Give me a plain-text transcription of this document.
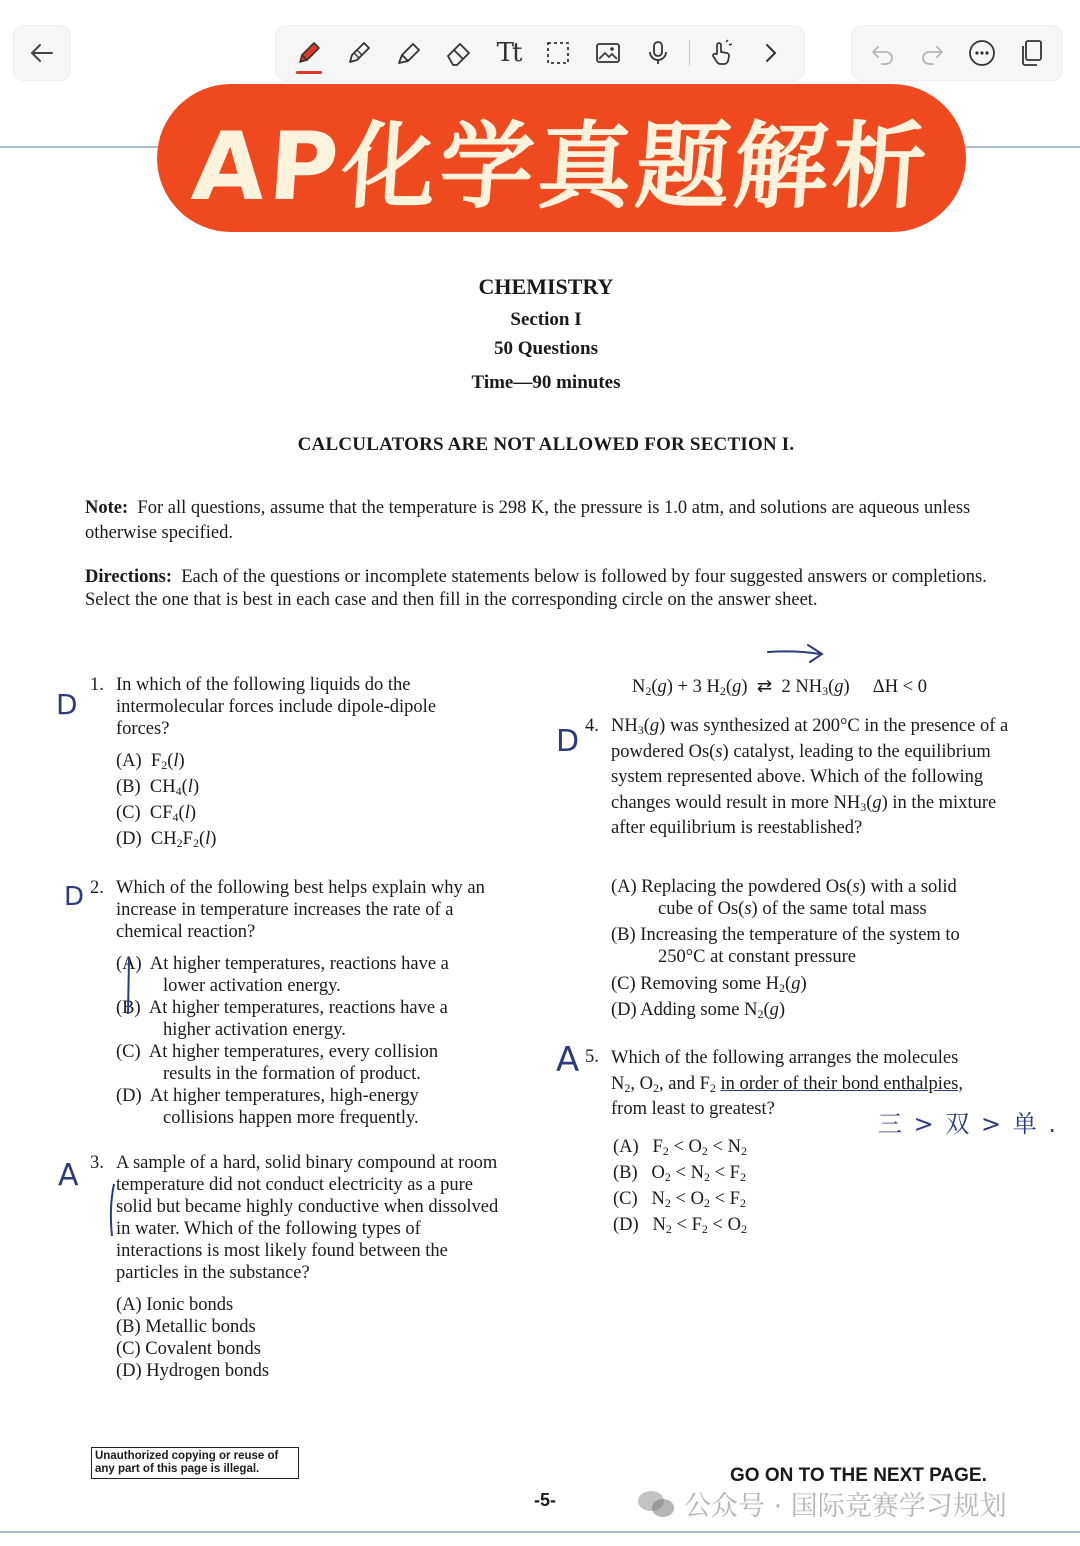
Tt
AP化学真题解析
CHEMISTRY
Section I
50 Questions
Time—90 minutes
CALCULATORS ARE NOT ALLOWED FOR SECTION I.
Note: For all questions, assume that the temperature is 298 K, the pressure is 1.0 atm, and solutions are aqueous unless otherwise specified.
Directions: Each of the questions or incomplete statements below is followed by four suggested answers or completions. Select the one that is best in each case and then fill in the corresponding circle on the answer sheet.
1. In which of the following liquids do the intermolecular forces include dipole-dipole forces?
(A)  $F_2(l)$
(B)  $CH_4(l)$
(C)  $CF_4(l)$
(D)  $CH_2F_2(l)$
2. Which of the following best helps explain why an increase in temperature increases the rate of a chemical reaction?
(A) At higher temperatures, reactions have a
lower activation energy.
(B) At higher temperatures, reactions have a
higher activation energy.
(C) At higher temperatures, every collision
results in the formation of product.
(D) At higher temperatures, high-energy
collisions happen more frequently.
3. A sample of a hard, solid binary compound at room temperature did not conduct electricity as a pure solid but became highly conductive when dissolved in water. Which of the following types of interactions is most likely found between the particles in the substance?
(A) Ionic bonds
(B) Metallic bonds
(C) Covalent bonds
(D) Hydrogen bonds
$N_2(g) + 3$ $H_2(g)$  ⇄  2 $NH_3(g)$     ΔH < 0
4. $NH_3(g)$ was synthesized at 200°C in the presence of a powdered Os(s) catalyst, leading to the equilibrium system represented above. Which of the following changes would result in more $NH_3(g)$ in the mixture after equilibrium is reestablished?
(A) Replacing the powdered Os(s) with a solid
cube of Os(s) of the same total mass
(B) Increasing the temperature of the system to
250°C at constant pressure
(C) Removing some $H_2(g)$
(D) Adding some $N_2(g)$
5. Which of the following arranges the molecules
$N_2$, $O_2$, and $F_2$ in order of their bond enthalpies,
from least to greatest?
(A)   $F_2 < O_2 < N_2$
(B)   $O_2 < N_2 < F_2$
(C)   $N_2 < O_2 < F_2$
(D)   $N_2 < F_2 < O_2$
D
D
A
D
A
三 > 双 > 单 .
Unauthorized copying or reuse of
any part of this page is illegal.	GO ON TO THE NEXT PAGE.
-5-	公众号 · 国际竞赛学习规划
